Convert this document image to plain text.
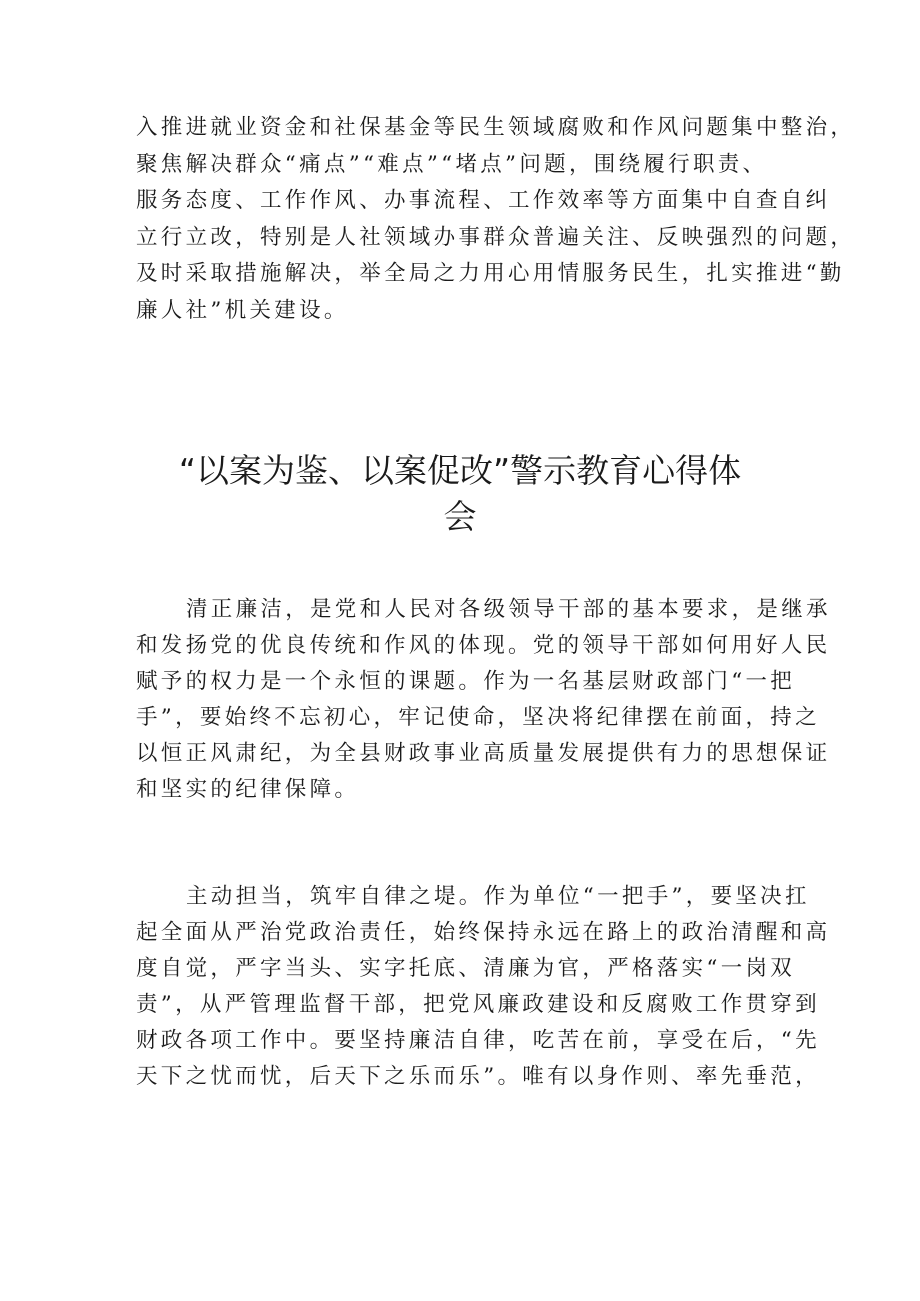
入推进就业资金和社保基金等民生领域腐败和作风问题集中整治，
聚焦解决群众“痛点”“难点”“堵点”问题，围绕履行职责、
服务态度、工作作风、办事流程、工作效率等方面集中自查自纠
立行立改，特别是人社领域办事群众普遍关注、反映强烈的问题，
及时采取措施解决，举全局之力用心用情服务民生，扎实推进“勤
廉人社”机关建设。
“以案为鉴、以案促改”警示教育心得体
会
清正廉洁，是党和人民对各级领导干部的基本要求，是继承
和发扬党的优良传统和作风的体现。党的领导干部如何用好人民
赋予的权力是一个永恒的课题。作为一名基层财政部门“一把
手”，要始终不忘初心，牢记使命，坚决将纪律摆在前面，持之
以恒正风肃纪，为全县财政事业高质量发展提供有力的思想保证
和坚实的纪律保障。
主动担当，筑牢自律之堤。作为单位“一把手”，要坚决扛
起全面从严治党政治责任，始终保持永远在路上的政治清醒和高
度自觉，严字当头、实字托底、清廉为官，严格落实“一岗双
责”，从严管理监督干部，把党风廉政建设和反腐败工作贯穿到
财政各项工作中。要坚持廉洁自律，吃苦在前，享受在后，“先
天下之忧而忧，后天下之乐而乐”。唯有以身作则、率先垂范，
